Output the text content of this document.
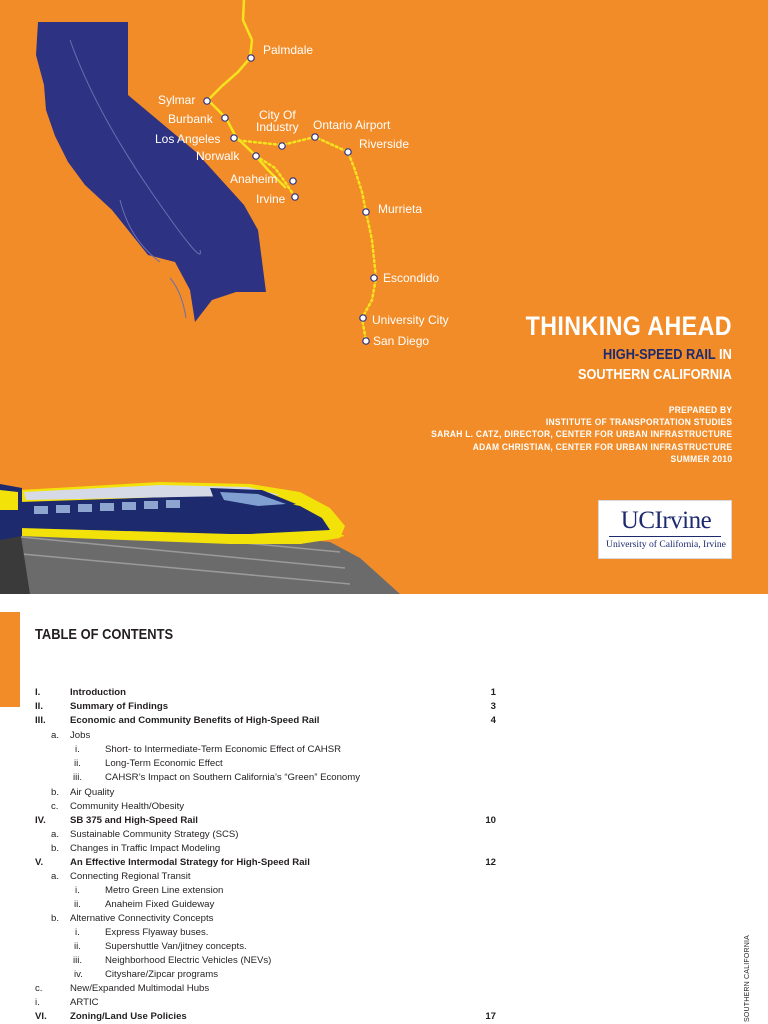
Palmdale
Sylmar
Burbank	City Of
Industry Ontario Airport
Los Angeles	Riverside
Norwalk
Anaheim
Irvine
Murrieta
Escondido
University City
San Diego	THINKING AHEAD
HIGH-SPEED RAIL IN
SOUTHERN CALIFORNIA
PREPARED BY
INSTITUTE OF TRANSPORTATION STUDIES
SARAH L. CATZ, DIRECTOR, CENTER FOR URBAN INFRASTRUCTURE
ADAM CHRISTIAN, CENTER FOR URBAN INFRASTRUCTURE
SUMMER 2010
UCIrvine
University of California, Irvine
TABLE OF CONTENTS
I.	Introduction	1
II.	Summary of Findings	3
III.	Economic and Community Benefits of High-Speed Rail	4
a. Jobs
i.	Short- to Intermediate-Term Economic Effect of CAHSR
ii.	Long-Term Economic Effect
iii. CAHSR’s Impact on Southern California’s “Green” Economy
b. Air Quality
c. Community Health/Obesity
IV.	SB 375 and High-Speed Rail	10
a. Sustainable Community Strategy (SCS)
b. Changes in Traffic Impact Modeling
V.	An Effective Intermodal Strategy for High-Speed Rail	12
a. Connecting Regional Transit
i.	Metro Green Line extension
ii.	Anaheim Fixed Guideway
b. Alternative Connectivity Concepts
i.	Express Flyaway buses.
ii.	Supershuttle Van/jitney concepts.
iii. Neighborhood Electric Vehicles (NEVs)
iv. Cityshare/Zipcar programs
c.	New/Expanded Multimodal Hubs
i.	ARTIC
VI. Zoning/Land Use Policies	17	SOUTHERN CALIFORNIA
